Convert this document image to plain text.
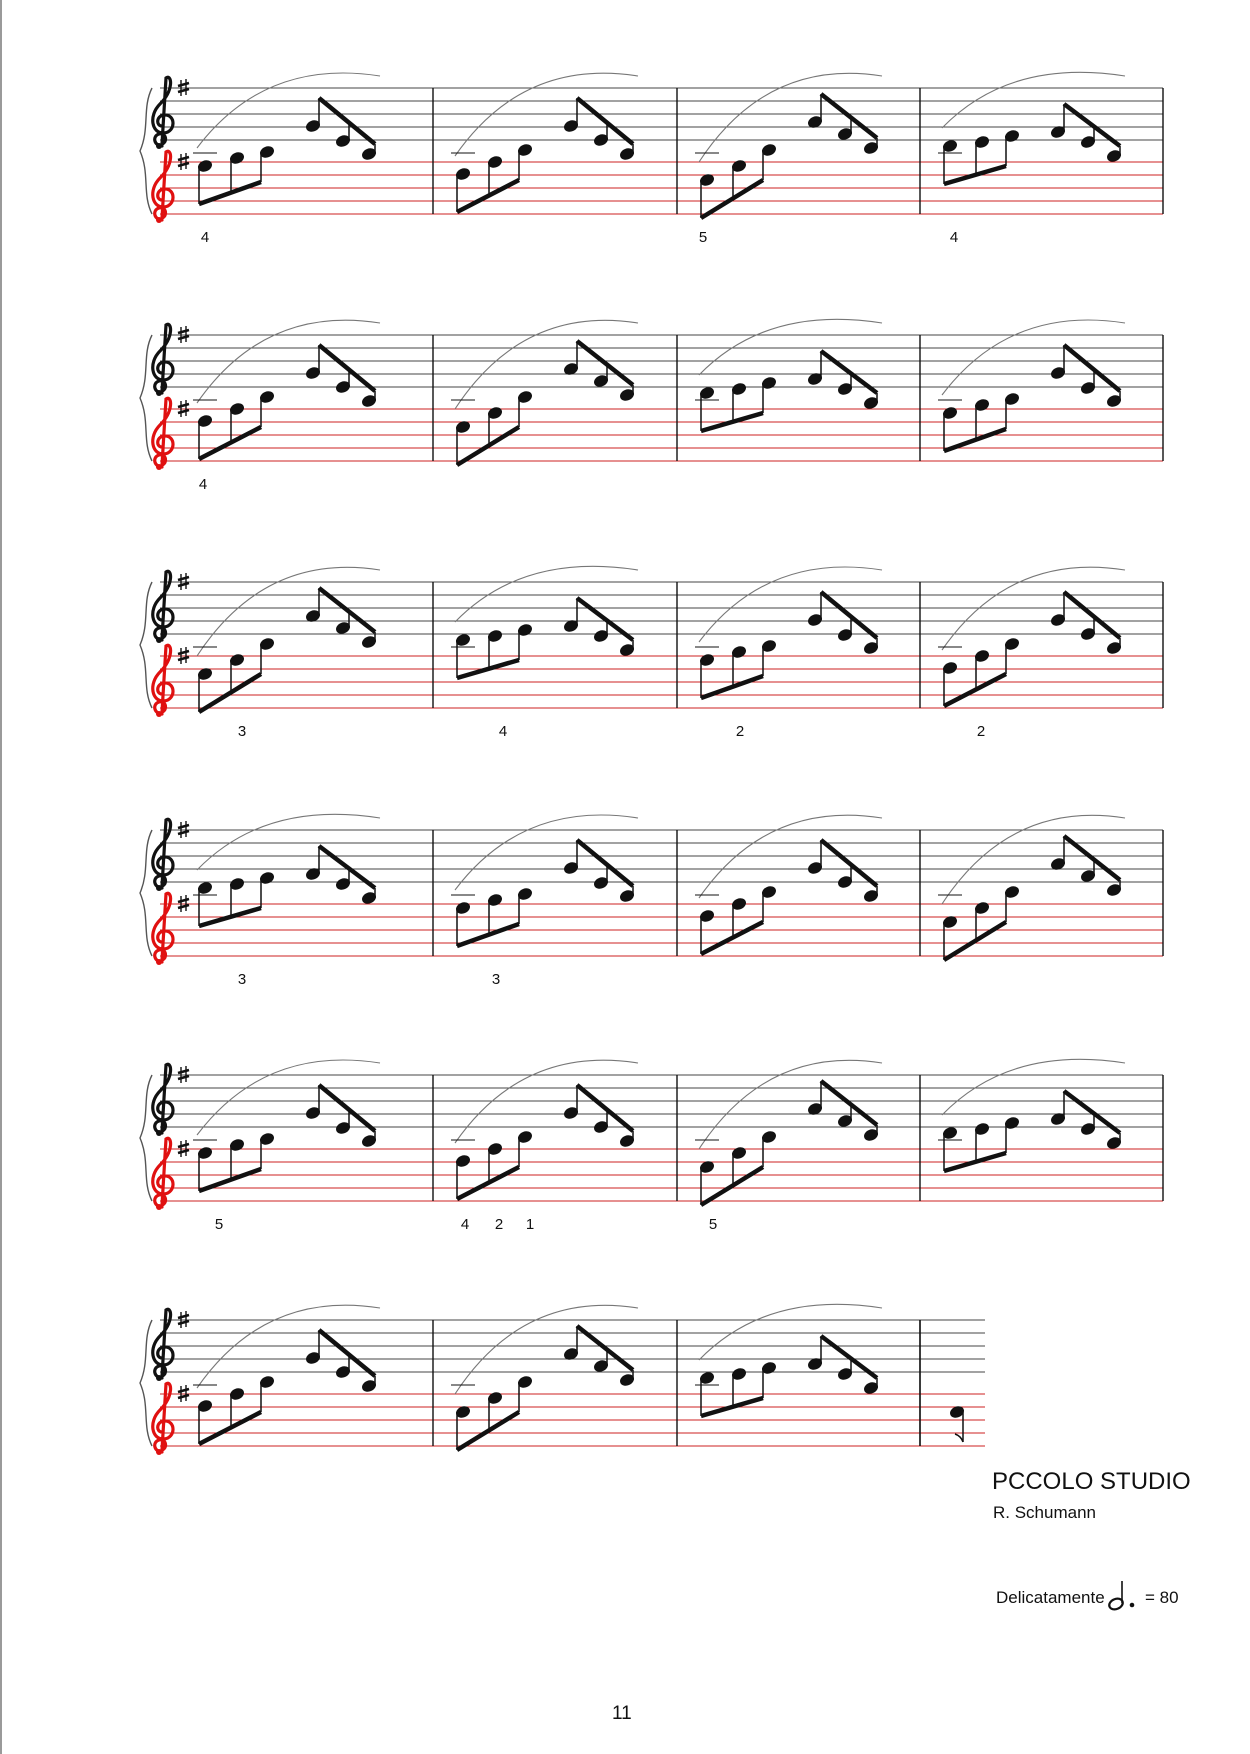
4	5	4
4
3	4	2	2
3	3
5	4 2 1	5
PCCOLO STUDIO
R. Schumann
Delicatamente = 80
11
